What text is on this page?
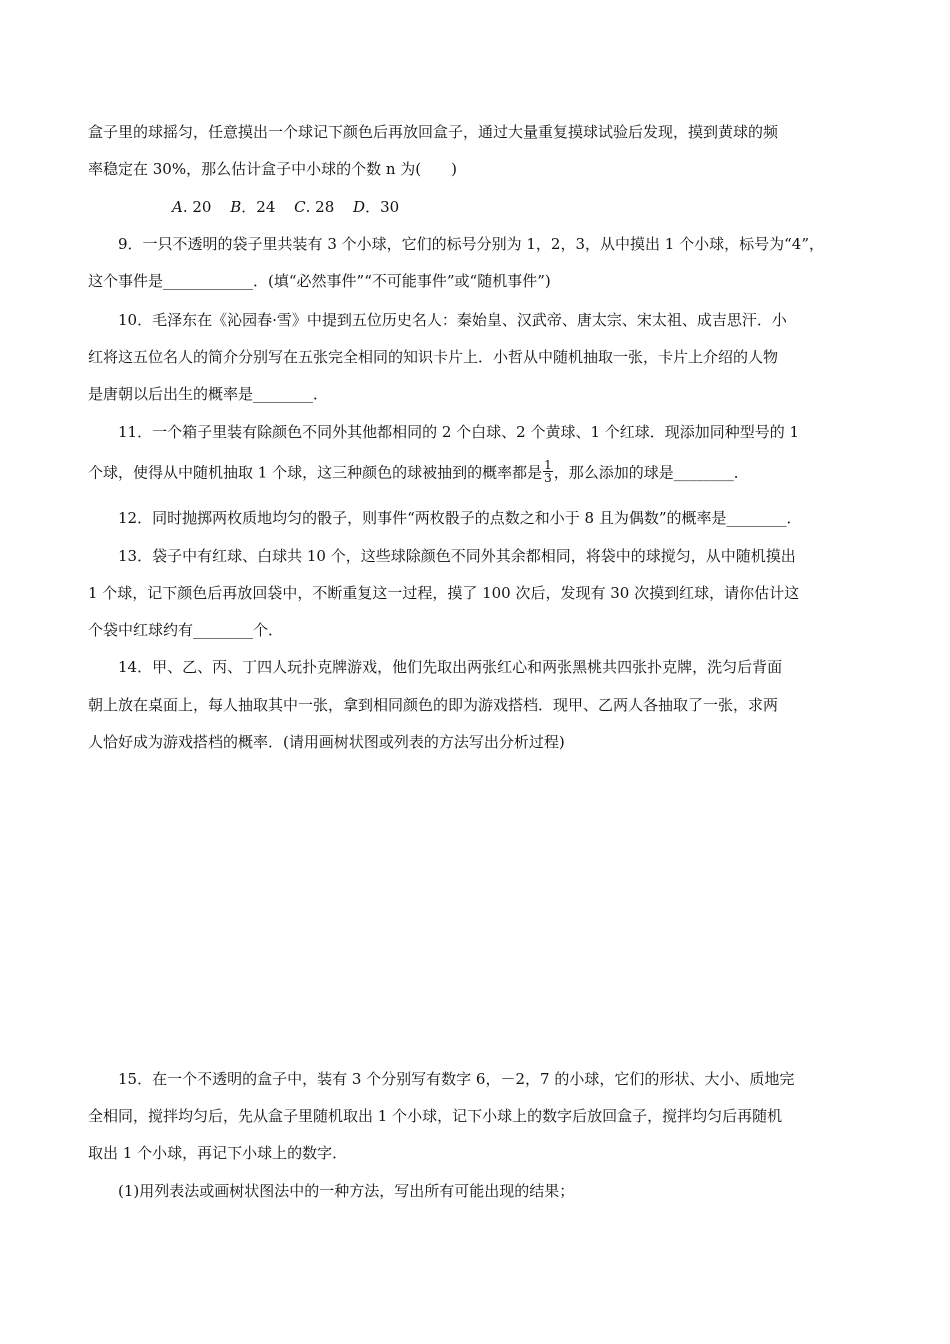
盒子里的球摇匀，任意摸出一个球记下颜色后再放回盒子，通过大量重复摸球试验后发现，摸到黄球的频
率稳定在 30%，那么估计盒子中小球的个数 n 为(　　)
A. 20 B．24 C. 28 D．30
9．一只不透明的袋子里共装有 3 个小球，它们的标号分别为 1，2，3，从中摸出 1 个小球，标号为“4”，
这个事件是____________．(填“必然事件”“不可能事件”或“随机事件”)
10．毛泽东在《沁园春·雪》中提到五位历史名人：秦始皇、汉武帝、唐太宗、宋太祖、成吉思汗．小
红将这五位名人的简介分别写在五张完全相同的知识卡片上．小哲从中随机抽取一张，卡片上介绍的人物
是唐朝以后出生的概率是________．
11．一个箱子里装有除颜色不同外其他都相同的 2 个白球、2 个黄球、1 个红球．现添加同种型号的 1
个球，使得从中随机抽取 1 个球，这三种颜色的球被抽到的概率都是 $\frac{1}{3}$ ，那么添加的球是________．
12．同时抛掷两枚质地均匀的骰子，则事件“两枚骰子的点数之和小于 8 且为偶数”的概率是________．
13．袋子中有红球、白球共 10 个，这些球除颜色不同外其余都相同，将袋中的球搅匀，从中随机摸出
1 个球，记下颜色后再放回袋中，不断重复这一过程，摸了 100 次后，发现有 30 次摸到红球，请你估计这
个袋中红球约有________个．
14．甲、乙、丙、丁四人玩扑克牌游戏，他们先取出两张红心和两张黑桃共四张扑克牌，洗匀后背面
朝上放在桌面上，每人抽取其中一张，拿到相同颜色的即为游戏搭档．现甲、乙两人各抽取了一张，求两
人恰好成为游戏搭档的概率．(请用画树状图或列表的方法写出分析过程)
15．在一个不透明的盒子中，装有 3 个分别写有数字 6，－2，7 的小球，它们的形状、大小、质地完
全相同，搅拌均匀后，先从盒子里随机取出 1 个小球，记下小球上的数字后放回盒子，搅拌均匀后再随机
取出 1 个小球，再记下小球上的数字．
(1)用列表法或画树状图法中的一种方法，写出所有可能出现的结果；
